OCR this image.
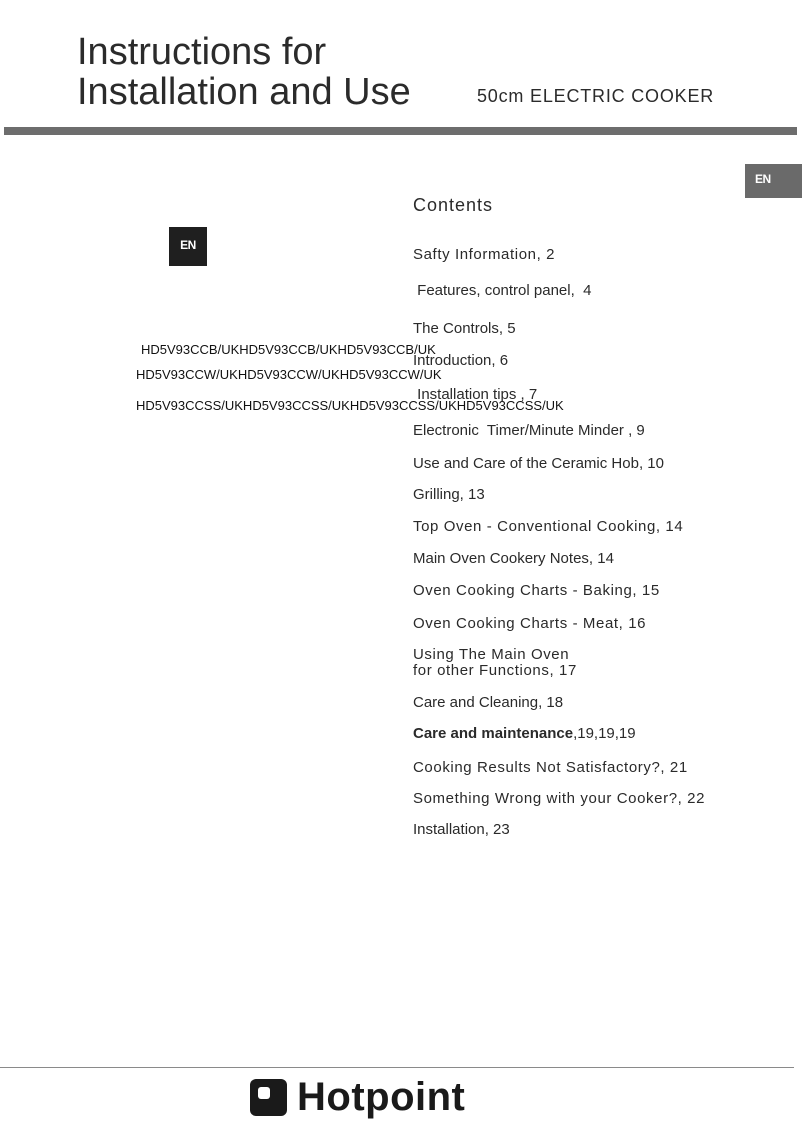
Instructions for
Installation and Use	50cm ELECTRIC COOKER
EN
EN
HD5V93CCB/UKHD5V93CCB/UKHD5V93CCB/UK
HD5V93CCW/UKHD5V93CCW/UKHD5V93CCW/UK
HD5V93CCSS/UKHD5V93CCSS/UKHD5V93CCSS/UKHD5V93CCSS/UK
Contents
Safty Information, 2
Features, control panel,  4
The Controls, 5
Introduction, 6
Installation tips , 7
Electronic  Timer/Minute Minder , 9
Use and Care of the Ceramic Hob, 10
Grilling, 13
Top Oven - Conventional Cooking, 14
Main Oven Cookery Notes, 14
Oven Cooking Charts - Baking, 15
Oven Cooking Charts - Meat, 16
Using The Main Oven
for other Functions, 17
Care and Cleaning, 18
Care and maintenance,19,19,19
Cooking Results Not Satisfactory?, 21
Something Wrong with your Cooker?, 22
Installation, 23
Hotpoint
